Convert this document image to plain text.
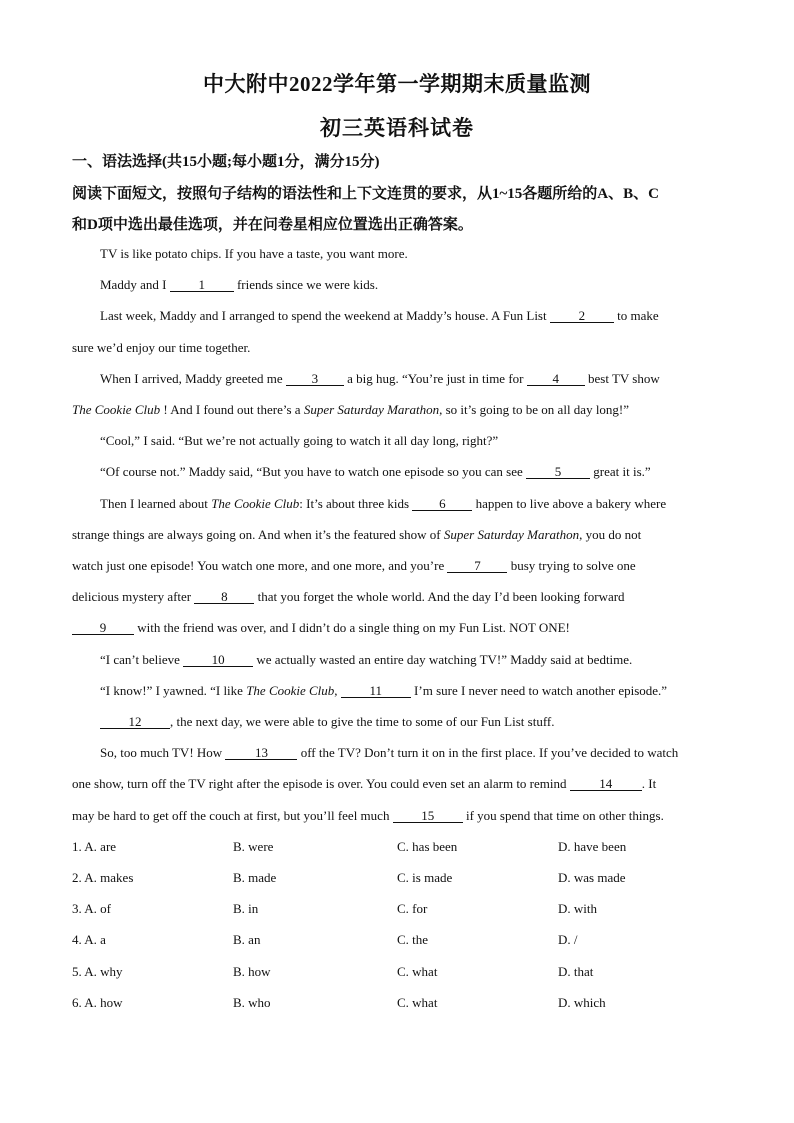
中大附中2022学年第一学期期末质量监测
初三英语科试卷
一、语法选择(共15小题;每小题1分，满分15分)
阅读下面短文，按照句子结构的语法性和上下文连贯的要求，从1~15各题所给的A、B、C
和D项中选出最佳选项，并在问卷星相应位置选出正确答案。
TV is like potato chips. If you have a taste, you want more.
Maddy and I 1 friends since we were kids.
Last week, Maddy and I arranged to spend the weekend at Maddy’s house. A Fun List 2 to make
sure we’d enjoy our time together.
When I arrived, Maddy greeted me 3 a big hug. “You’re just in time for 4 best TV show
The Cookie Club ! And I found out there’s a Super Saturday Marathon, so it’s going to be on all day long!”
“Cool,” I said. “But we’re not actually going to watch it all day long, right?”
“Of course not.” Maddy said, “But you have to watch one episode so you can see 5 great it is.”
Then I learned about The Cookie Club: It’s about three kids 6 happen to live above a bakery where
strange things are always going on. And when it’s the featured show of Super Saturday Marathon, you do not
watch just one episode! You watch one more, and one more, and you’re 7 busy trying to solve one
delicious mystery after 8 that you forget the whole world. And the day I’d been looking forward
9 with the friend was over, and I didn’t do a single thing on my Fun List. NOT ONE!
“I can’t believe 10 we actually wasted an entire day watching TV!” Maddy said at bedtime.
“I know!” I yawned. “I like The Cookie Club, 11 I’m sure I never need to watch another episode.”
12 , the next day, we were able to give the time to some of our Fun List stuff.
So, too much TV! How 13 off the TV? Don’t turn it on in the first place. If you’ve decided to watch
one show, turn off the TV right after the episode is over. You could even set an alarm to remind 14 . It
may be hard to get off the couch at first, but you’ll feel much 15 if you spend that time on other things.
1. A. are	B. were	C. has been	D. have been
2. A. makes	B. made	C. is made	D. was made
3. A. of	B. in	C. for	D. with
4. A. a	B. an	C. the	D. /
5. A. why	B. how	C. what	D. that
6. A. how	B. who	C. what	D. which
